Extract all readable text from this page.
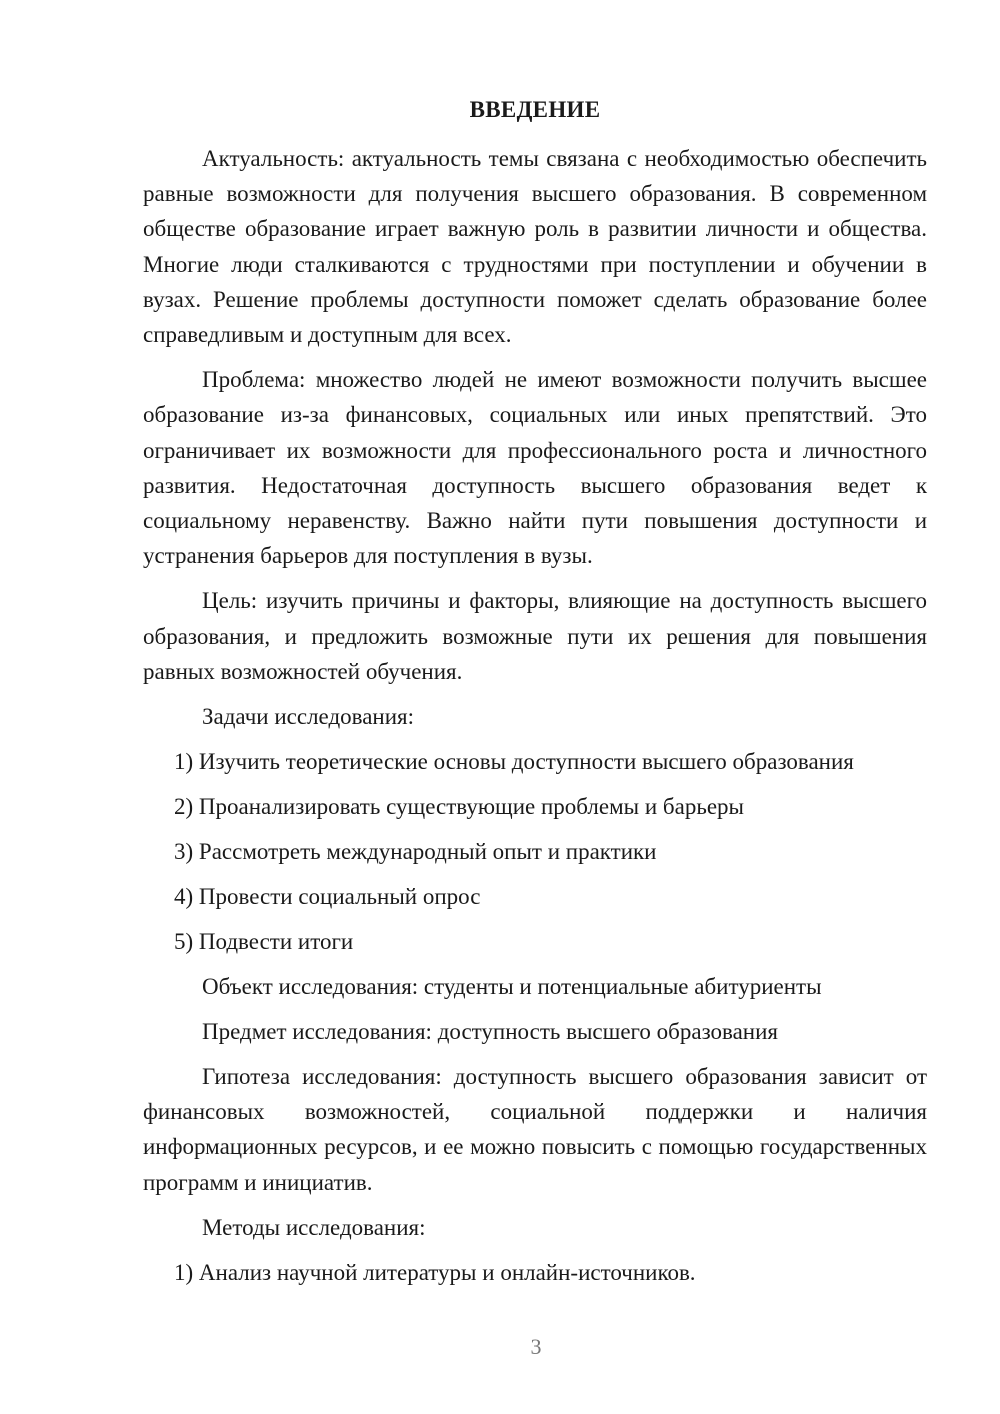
ВВЕДЕНИЕ

Актуальность: актуальность темы связана с необходимостью обеспечить равные возможности для получения высшего образования. В современном обществе образование играет важную роль в развитии личности и общества. Многие люди сталкиваются с трудностями при поступлении и обучении в вузах. Решение проблемы доступности поможет сделать образование более справедливым и доступным для всех.

Проблема: множество людей не имеют возможности получить высшее образование из-за финансовых, социальных или иных препятствий. Это ограничивает их возможности для профессионального роста и личностного развития. Недостаточная доступность высшего образования ведет к социальному неравенству. Важно найти пути повышения доступности и устранения барьеров для поступления в вузы.

Цель: изучить причины и факторы, влияющие на доступность высшего образования, и предложить возможные пути их решения для повышения равных возможностей обучения.

Задачи исследования:
1) Изучить теоретические основы доступности высшего образования
2) Проанализировать существующие проблемы и барьеры
3) Рассмотреть международный опыт и практики
4) Провести социальный опрос
5) Подвести итоги
Объект исследования: студенты и потенциальные абитуриенты
Предмет исследования: доступность высшего образования

Гипотеза исследования: доступность высшего образования зависит от финансовых возможностей, социальной поддержки и наличия информационных ресурсов, и ее можно повысить с помощью государственных программ и инициатив.

Методы исследования:
1) Анализ научной литературы и онлайн-источников.
3
